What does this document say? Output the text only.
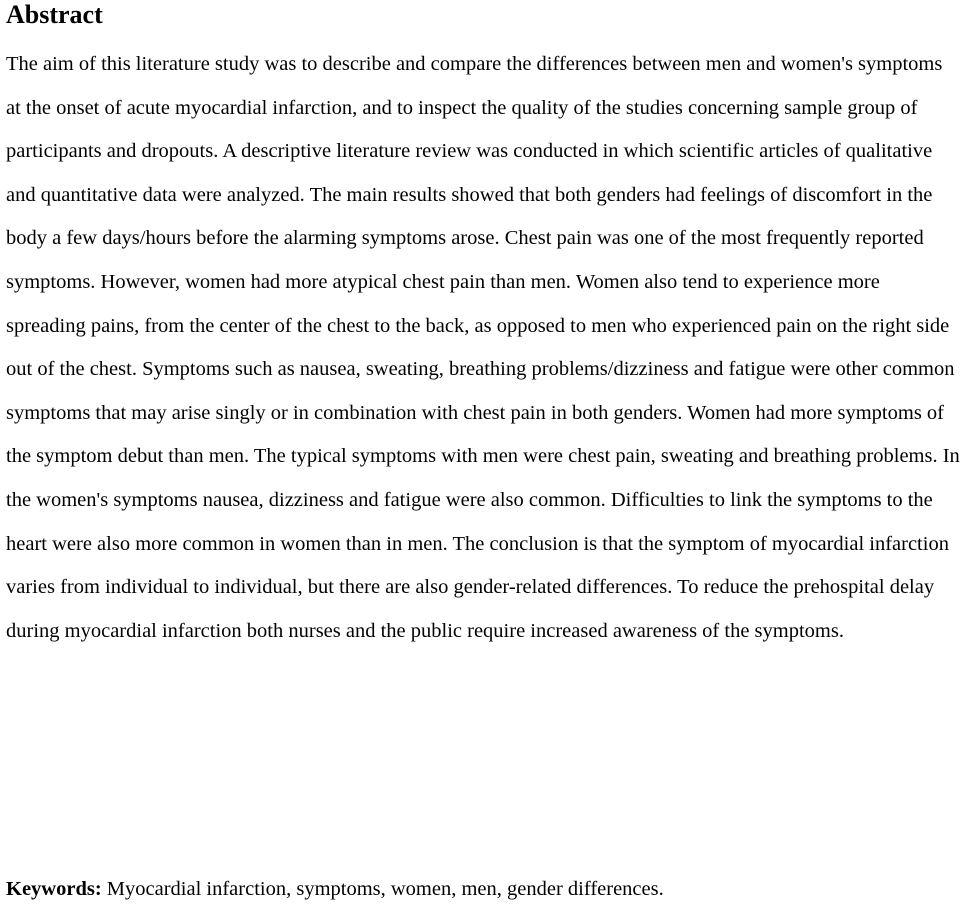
Abstract

The aim of this literature study was to describe and compare the differences between men and women's symptoms at the onset of acute myocardial infarction, and to inspect the quality of the studies concerning sample group of participants and dropouts. A descriptive literature review was conducted in which scientific articles of qualitative and quantitative data were analyzed. The main results showed that both genders had feelings of discomfort in the body a few days/hours before the alarming symptoms arose. Chest pain was one of the most frequently reported symptoms. However, women had more atypical chest pain than men. Women also tend to experience more spreading pains, from the center of the chest to the back, as opposed to men who experienced pain on the right side out of the chest. Symptoms such as nausea, sweating, breathing problems/dizziness and fatigue were other common symptoms that may arise singly or in combination with chest pain in both genders. Women had more symptoms of the symptom debut than men. The typical symptoms with men were chest pain, sweating and breathing problems. In the women's symptoms nausea, dizziness and fatigue were also common. Difficulties to link the symptoms to the heart were also more common in women than in men. The conclusion is that the symptom of myocardial infarction varies from individual to individual, but there are also gender-related differences. To reduce the prehospital delay during myocardial infarction both nurses and the public require increased awareness of the symptoms.

Keywords: Myocardial infarction, symptoms, women, men, gender differences.
